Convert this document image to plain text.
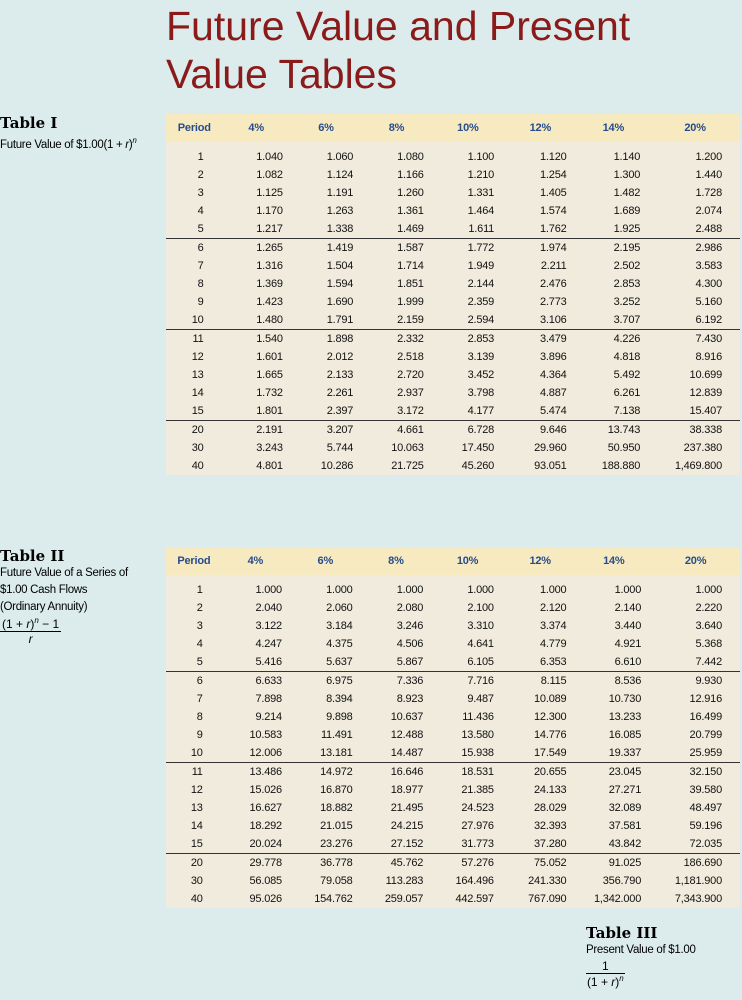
Future Value and Present
Value Tables
Table I
Future Value of $1.00(1 + r)$^n$
Period	4%	6%	8%	10%	12%	14%	20%
1	1.040	1.060	1.080	1.100	1.120	1.140	1.200
2	1.082	1.124	1.166	1.210	1.254	1.300	1.440
3	1.125	1.191	1.260	1.331	1.405	1.482	1.728
4	1.170	1.263	1.361	1.464	1.574	1.689	2.074
5	1.217	1.338	1.469	1.611	1.762	1.925	2.488
6	1.265	1.419	1.587	1.772	1.974	2.195	2.986
7	1.316	1.504	1.714	1.949	2.211	2.502	3.583
8	1.369	1.594	1.851	2.144	2.476	2.853	4.300
9	1.423	1.690	1.999	2.359	2.773	3.252	5.160
10	1.480	1.791	2.159	2.594	3.106	3.707	6.192
11	1.540	1.898	2.332	2.853	3.479	4.226	7.430
12	1.601	2.012	2.518	3.139	3.896	4.818	8.916
13	1.665	2.133	2.720	3.452	4.364	5.492	10.699
14	1.732	2.261	2.937	3.798	4.887	6.261	12.839
15	1.801	2.397	3.172	4.177	5.474	7.138	15.407
20	2.191	3.207	4.661	6.728	9.646	13.743	38.338
30	3.243	5.744	10.063	17.450	29.960	50.950	237.380
40	4.801	10.286	21.725	45.260	93.051	188.880	1,469.800
Table II
Future Value of a Series of
$1.00 Cash Flows
(Ordinary Annuity)
$\frac{(1 + r)^n - 1}{r}$
Period	4%	6%	8%	10%	12%	14%	20%
1	1.000	1.000	1.000	1.000	1.000	1.000	1.000
2	2.040	2.060	2.080	2.100	2.120	2.140	2.220
3	3.122	3.184	3.246	3.310	3.374	3.440	3.640
4	4.247	4.375	4.506	4.641	4.779	4.921	5.368
5	5.416	5.637	5.867	6.105	6.353	6.610	7.442
6	6.633	6.975	7.336	7.716	8.115	8.536	9.930
7	7.898	8.394	8.923	9.487	10.089	10.730	12.916
8	9.214	9.898	10.637	11.436	12.300	13.233	16.499
9	10.583	11.491	12.488	13.580	14.776	16.085	20.799
10	12.006	13.181	14.487	15.938	17.549	19.337	25.959
11	13.486	14.972	16.646	18.531	20.655	23.045	32.150
12	15.026	16.870	18.977	21.385	24.133	27.271	39.580
13	16.627	18.882	21.495	24.523	28.029	32.089	48.497
14	18.292	21.015	24.215	27.976	32.393	37.581	59.196
15	20.024	23.276	27.152	31.773	37.280	43.842	72.035
20	29.778	36.778	45.762	57.276	75.052	91.025	186.690
30	56.085	79.058	113.283	164.496	241.330	356.790	1,181.900
40	95.026	154.762	259.057	442.597	767.090	1,342.000	7,343.900
Table III
Present Value of $1.00
$\frac{1}{(1 + r)^n}$
